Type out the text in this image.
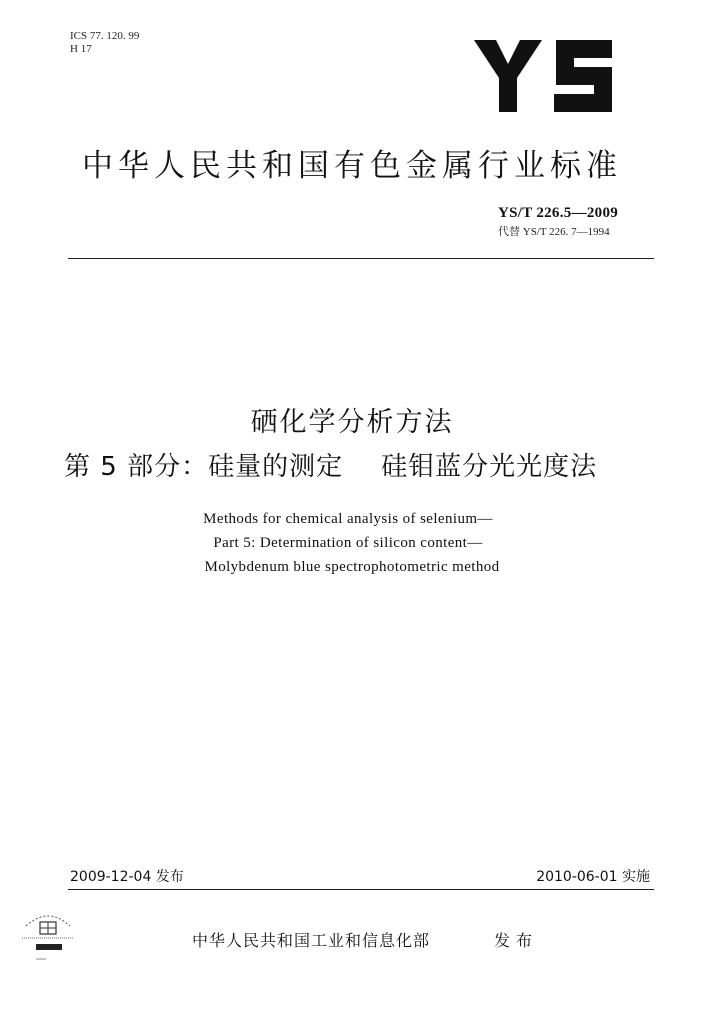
ICS 77. 120. 99
H 17
中华人民共和国有色金属行业标准
YS/T 226.5—2009
代替 YS/T 226. 7—1994
硒化学分析方法
第 5 部分：硅量的测定 硅钼蓝分光光度法
Methods for chemical analysis of selenium—
Part 5: Determination of silicon content—
Molybdenum blue spectrophotometric method
2009-12-04 发布	2010-06-01 实施
中华人民共和国工业和信息化部	发布
